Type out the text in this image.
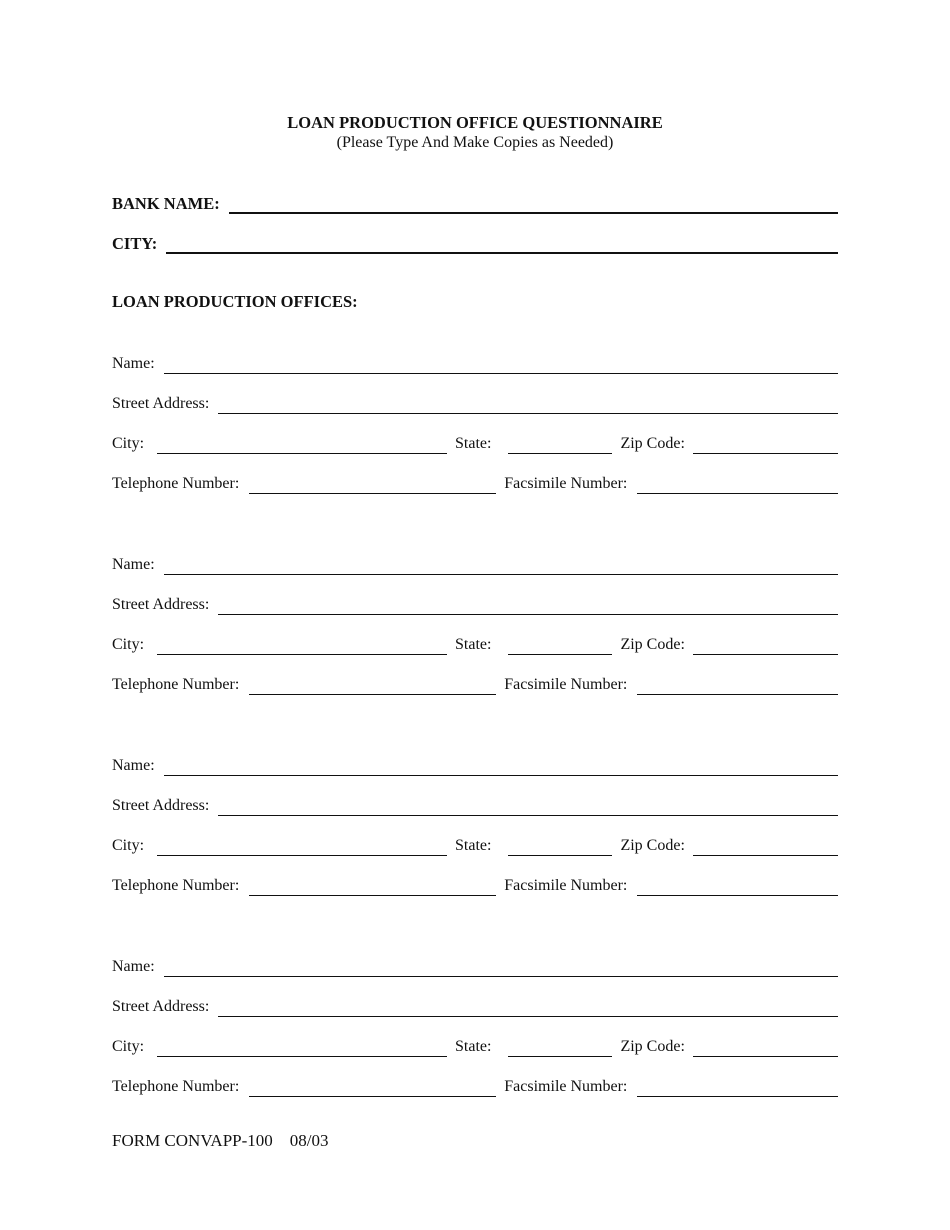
LOAN PRODUCTION OFFICE QUESTIONNAIRE
(Please Type And Make Copies as Needed)
BANK NAME:
CITY:
LOAN PRODUCTION OFFICES:
Name:
Street Address:
City:	State:	Zip Code:
Telephone Number:	Facsimile Number:
Name:
Street Address:
City:	State:	Zip Code:
Telephone Number:	Facsimile Number:
Name:
Street Address:
City:	State:	Zip Code:
Telephone Number:	Facsimile Number:
Name:
Street Address:
City:	State:	Zip Code:
Telephone Number:	Facsimile Number:
FORM CONVAPP-100 08/03
